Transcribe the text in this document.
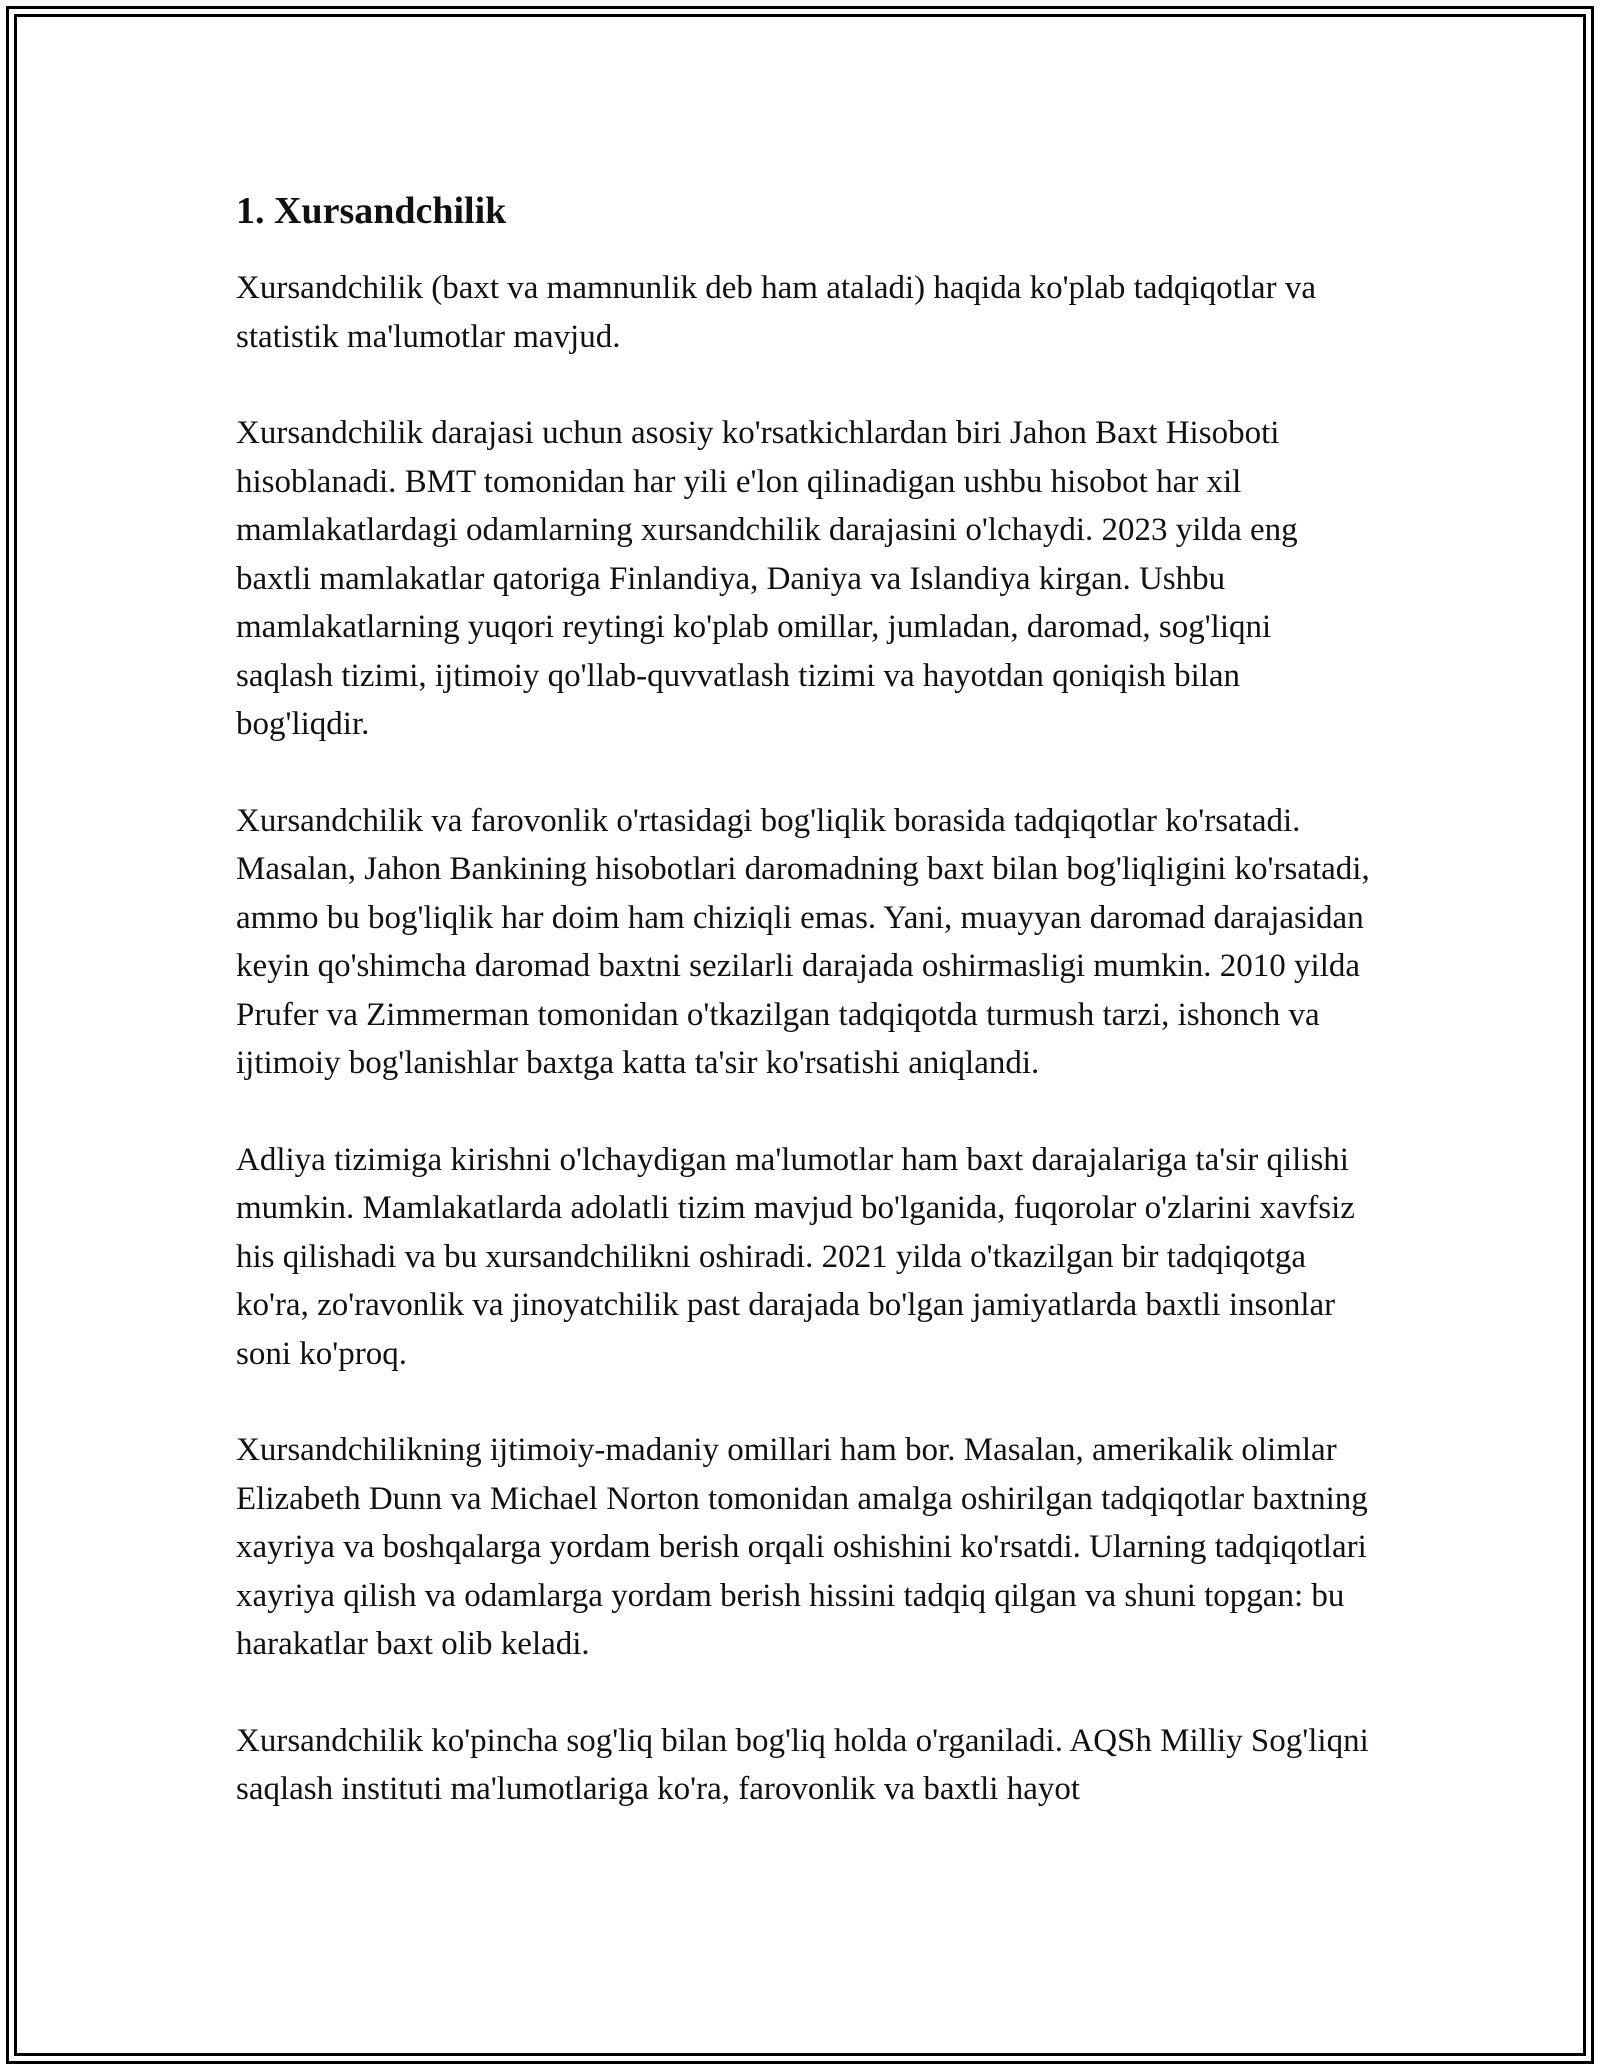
1. Xursandchilik

Xursandchilik (baxt va mamnunlik deb ham ataladi) haqida ko'plab tadqiqotlar va statistik ma'lumotlar mavjud.

Xursandchilik darajasi uchun asosiy ko'rsatkichlardan biri Jahon Baxt Hisoboti hisoblanadi. BMT tomonidan har yili e'lon qilinadigan ushbu hisobot har xil mamlakatlardagi odamlarning xursandchilik darajasini o'lchaydi. 2023 yilda eng baxtli mamlakatlar qatoriga Finlandiya, Daniya va Islandiya kirgan. Ushbu mamlakatlarning yuqori reytingi ko'plab omillar, jumladan, daromad, sog'liqni saqlash tizimi, ijtimoiy qo'llab-quvvatlash tizimi va hayotdan qoniqish bilan bog'liqdir.

Xursandchilik va farovonlik o'rtasidagi bog'liqlik borasida tadqiqotlar ko'rsatadi. Masalan, Jahon Bankining hisobotlari daromadning baxt bilan bog'liqligini ko'rsatadi, ammo bu bog'liqlik har doim ham chiziqli emas. Yani, muayyan daromad darajasidan keyin qo'shimcha daromad baxtni sezilarli darajada oshirmasligi mumkin. 2010 yilda Prufer va Zimmerman tomonidan o'tkazilgan tadqiqotda turmush tarzi, ishonch va ijtimoiy bog'lanishlar baxtga katta ta'sir ko'rsatishi aniqlandi.

Adliya tizimiga kirishni o'lchaydigan ma'lumotlar ham baxt darajalariga ta'sir qilishi mumkin. Mamlakatlarda adolatli tizim mavjud bo'lganida, fuqorolar o'zlarini xavfsiz his qilishadi va bu xursandchilikni oshiradi. 2021 yilda o'tkazilgan bir tadqiqotga ko'ra, zo'ravonlik va jinoyatchilik past darajada bo'lgan jamiyatlarda baxtli insonlar soni ko'proq.

Xursandchilikning ijtimoiy-madaniy omillari ham bor. Masalan, amerikalik olimlar Elizabeth Dunn va Michael Norton tomonidan amalga oshirilgan tadqiqotlar baxtning xayriya va boshqalarga yordam berish orqali oshishini ko'rsatdi. Ularning tadqiqotlari xayriya qilish va odamlarga yordam berish hissini tadqiq qilgan va shuni topgan: bu harakatlar baxt olib keladi.

Xursandchilik ko'pincha sog'liq bilan bog'liq holda o'rganiladi. AQSh Milliy Sog'liqni saqlash instituti ma'lumotlariga ko'ra, farovonlik va baxtli hayot
